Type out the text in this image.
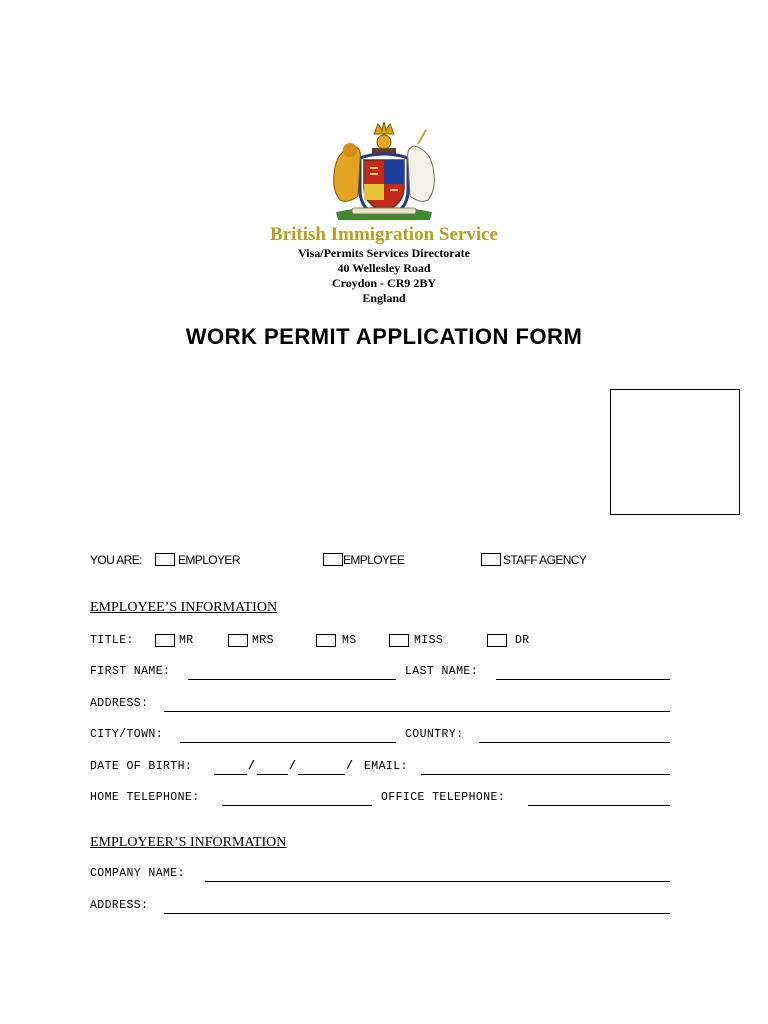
British Immigration Service
Visa/Permits Services Directorate
40 Wellesley Road
Croydon - CR9 2BY
England
WORK PERMIT APPLICATION FORM
YOU ARE:	EMPLOYER	EMPLOYEE	STAFF AGENCY
EMPLOYEE’S INFORMATION
TITLE:	MR	MRS	MS	MISS	DR
FIRST NAME:	LAST NAME:
ADDRESS:
CITY/TOWN:	COUNTRY:
DATE OF BIRTH:	/	/	/ EMAIL:
HOME TELEPHONE:	OFFICE TELEPHONE:
EMPLOYEER’S INFORMATION
COMPANY NAME:
ADDRESS:
